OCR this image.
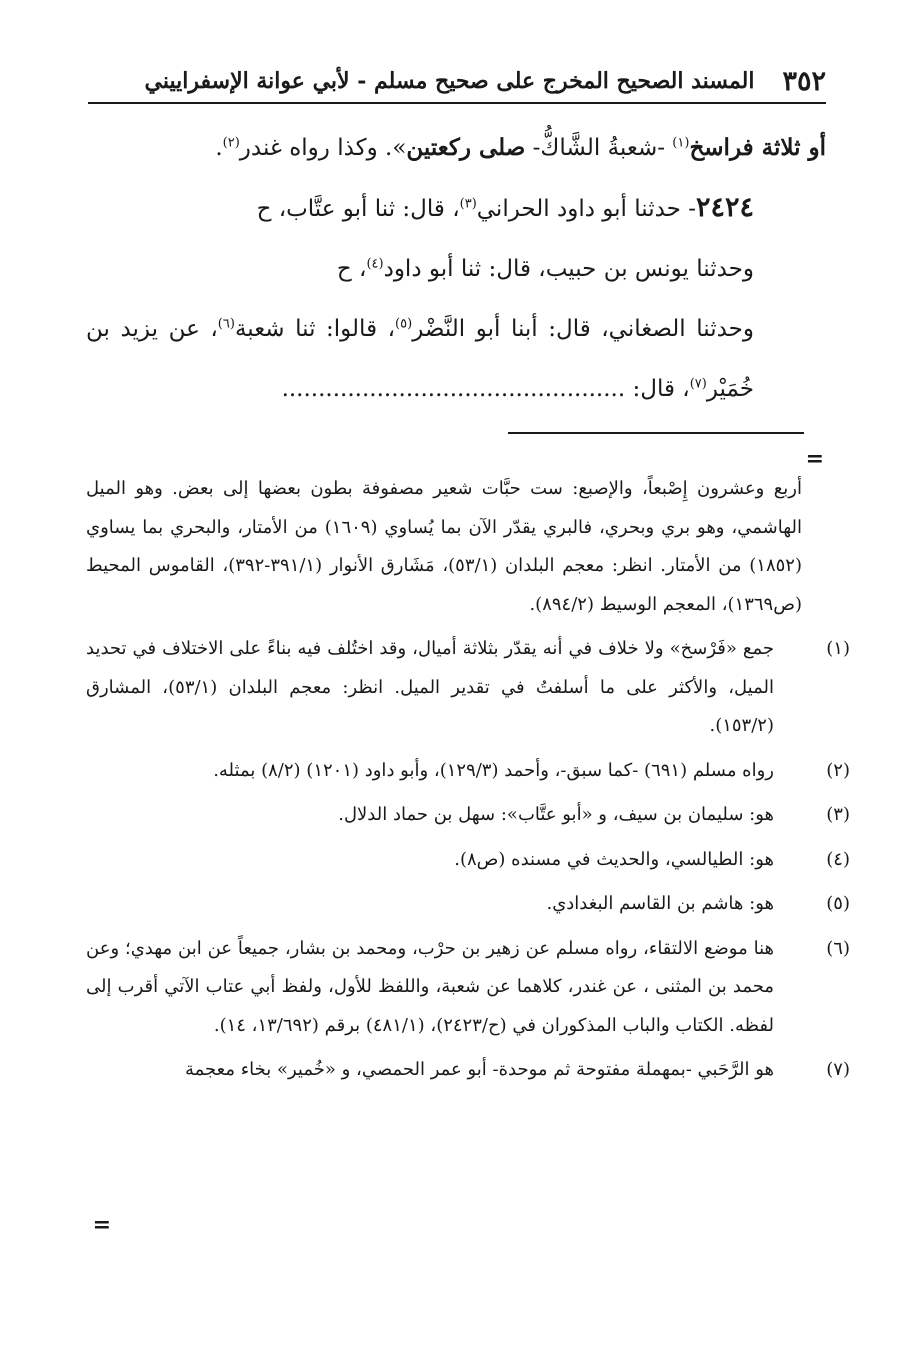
٣٥٢
المسند الصحيح المخرج على صحيح مسلم - لأبي عوانة الإسفراييني

أو ثلاثة فراسخ$^{(١)}$ -شعبةُ الشَّاكُّ- صلى ركعتين». وكذا رواه غندر$^{(٢)}$.

٢٤٢٤- حدثنا أبو داود الحراني$^{(٣)}$، قال: ثنا أبو عتَّاب، ح

وحدثنا يونس بن حبيب، قال: ثنا أبو داود$^{(٤)}$، ح

وحدثنا الصغاني، قال: أبنا أبو النَّضْر$^{(٥)}$، قالوا: ثنا شعبة$^{(٦)}$، عن يزيد بن خُمَيْر$^{(٧)}$، قال: ...............................................

=

أربع وعشرون إِصْبعاً، والإصبع: ست حبَّات شعير مصفوفة بطون بعضها إلى بعض. وهو الميل الهاشمي، وهو بري وبحري، فالبري يقدّر الآن بما يُساوي (١٦٠٩) من الأمتار، والبحري بما يساوي (١٨٥٢) من الأمتار. انظر: معجم البلدان (٥٣/١)، مَشَارق الأنوار (٣٩١/١-٣٩٢)، القاموس المحيط (ص١٣٦٩)، المعجم الوسيط (٨٩٤/٢).

(١)جمع «فَرْسخ» ولا خلاف في أنه يقدّر بثلاثة أميال، وقد اختُلف فيه بناءً على الاختلاف في تحديد الميل، والأكثر على ما أسلفتُ في تقدير الميل. انظر: معجم البلدان (٥٣/١)، المشارق (١٥٣/٢).

(٢)رواه مسلم (٦٩١) -كما سبق-، وأحمد (١٢٩/٣)، وأبو داود (١٢٠١) (٨/٢) بمثله.

(٣)هو: سليمان بن سيف، و «أبو عتَّاب»: سهل بن حماد الدلال.

(٤)هو: الطيالسي، والحديث في مسنده (ص٨).

(٥)هو: هاشم بن القاسم البغدادي.

(٦)هنا موضع الالتقاء، رواه مسلم عن زهير بن حرْب، ومحمد بن بشار، جميعاً عن ابن مهدي؛ وعن محمد بن المثنى ، عن غندر، كلاهما عن شعبة، واللفظ للأول، ولفظ أبي عتاب الآتي أقرب إلى لفظه. الكتاب والباب المذكوران في (ح/٢٤٢٣)، (٤٨١/١) برقم (١٣/٦٩٢، ١٤).

(٧)هو الرَّحَبي -بمهملة مفتوحة ثم موحدة- أبو عمر الحمصي، و «خُمير» بخاء معجمة

=
